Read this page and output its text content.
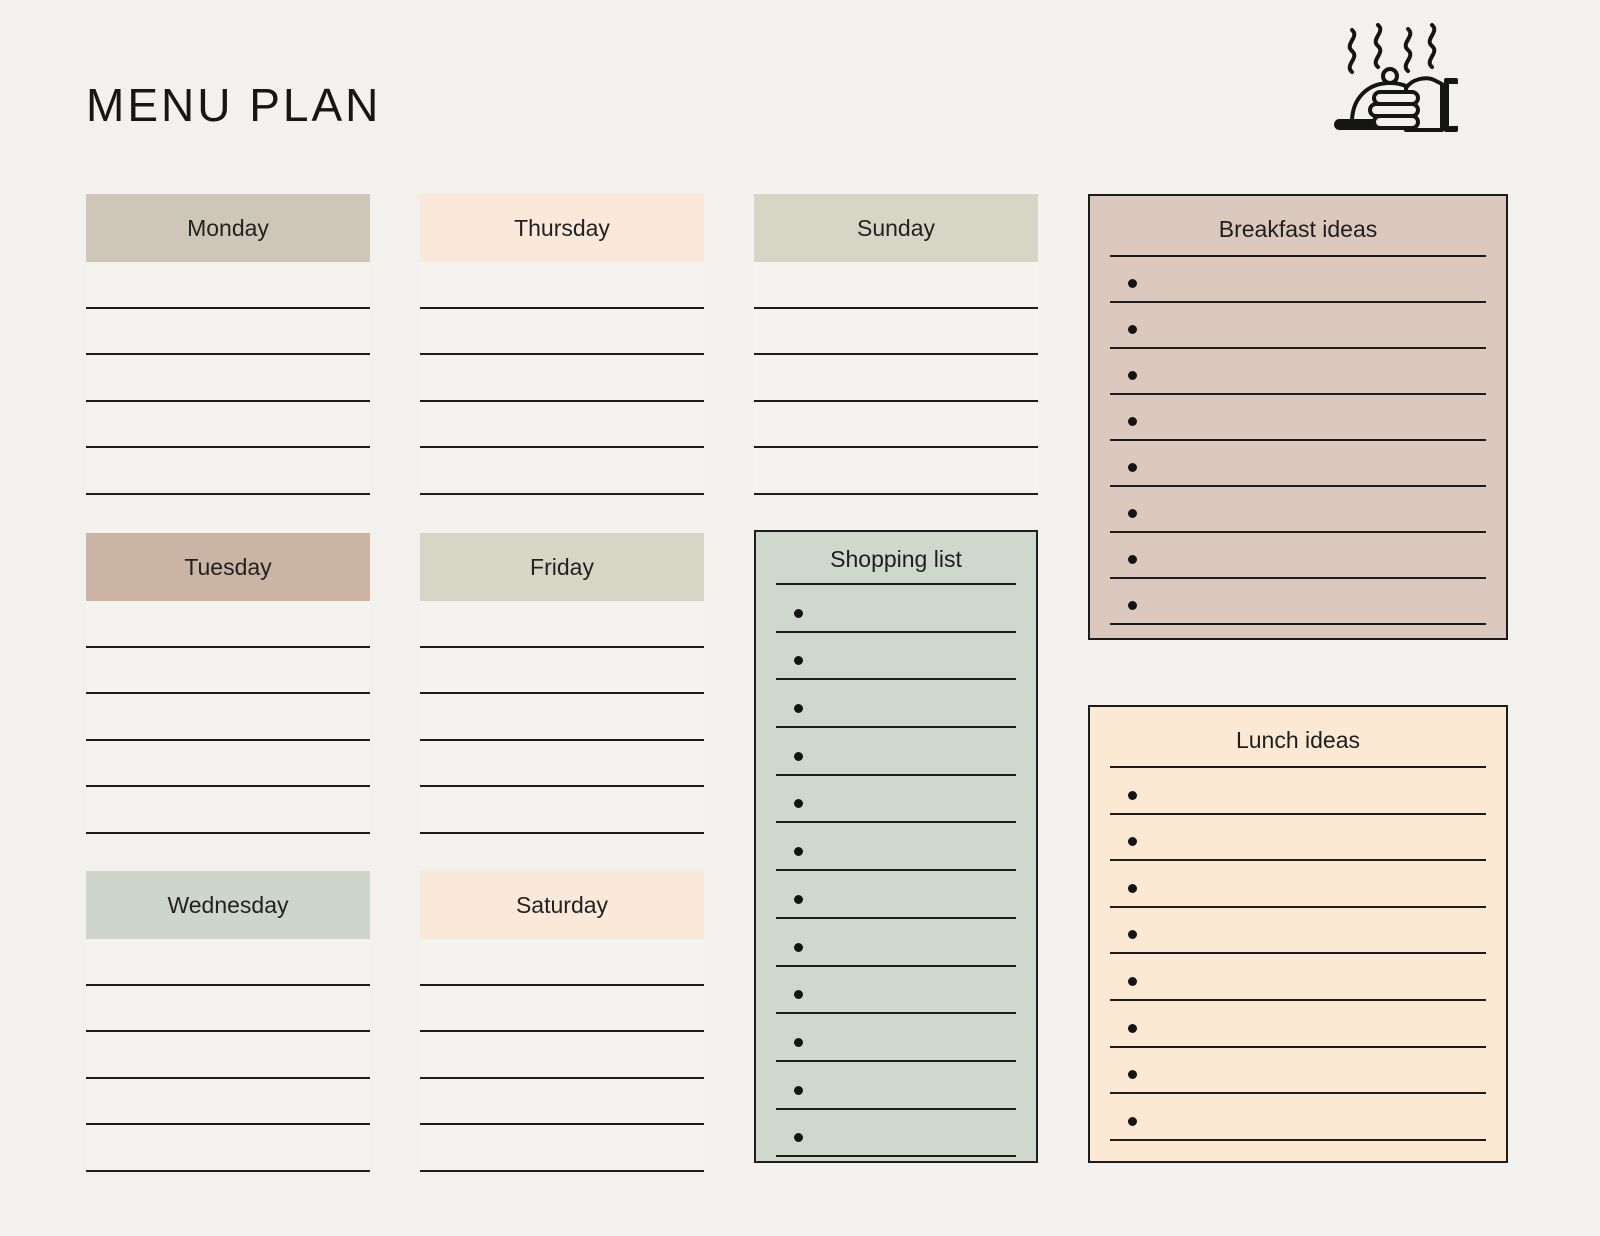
MENU PLAN
Monday
Tuesday
Wednesday
Thursday
Friday
Saturday
Sunday
Shopping list
Breakfast ideas
Lunch ideas
